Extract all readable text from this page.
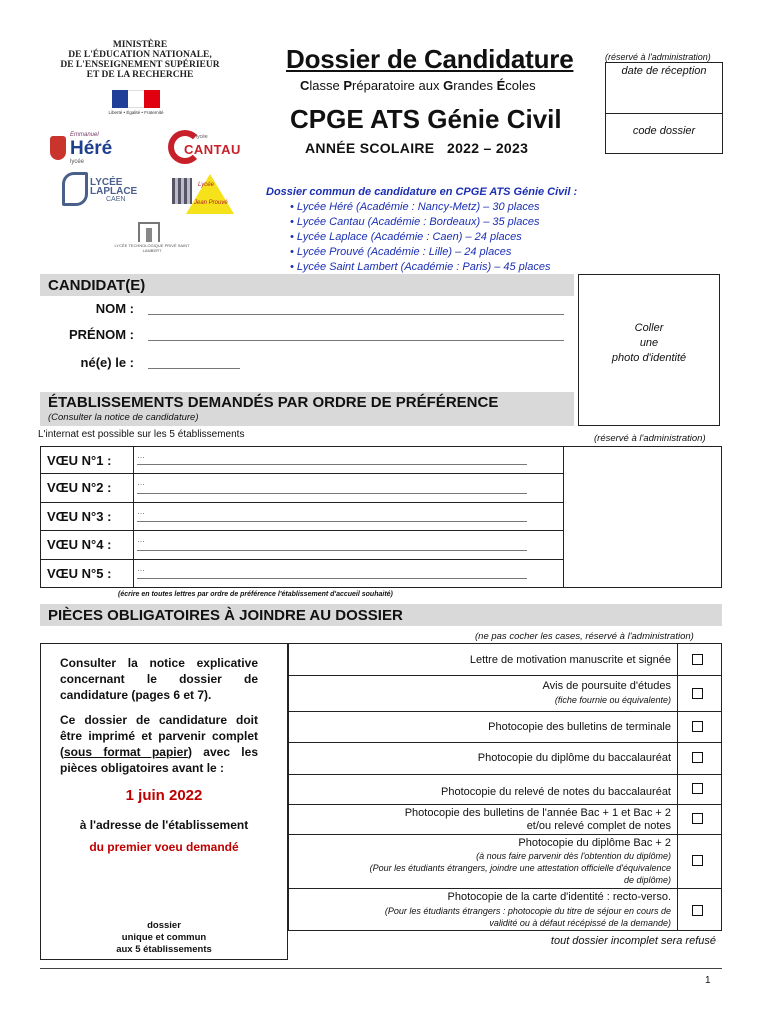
MINISTÈRE
DE L'ÉDUCATION NATIONALE,
DE L'ENSEIGNEMENT SUPÉRIEUR
ET DE LA RECHERCHE
Liberté • Égalité • Fraternité
Emmanuel
Héré
lycée
lycée
CANTAU
LYCÉE LAPLACE
CAEN
Lycée
Jean Prouvé
LYCÉE TECHNOLOGIQUE PRIVÉ SAINT LAMBERT
Dossier de Candidature
Classe Préparatoire aux Grandes Écoles
CPGE ATS Génie Civil
ANNÉE SCOLAIRE   2022 – 2023
(réservé à l'administration)
date de réception
code dossier
Dossier commun de candidature en CPGE ATS Génie Civil :
• Lycée Héré (Académie : Nancy-Metz) – 30 places
• Lycée Cantau (Académie : Bordeaux) – 35 places
• Lycée Laplace (Académie : Caen) – 24 places
• Lycée Prouvé (Académie : Lille) – 24 places
• Lycée Saint Lambert (Académie : Paris) – 45 places
CANDIDAT(E)
NOM :
PRÉNOM :
né(e) le :
Coller
une
photo d'identité
ÉTABLISSEMENTS DEMANDÉS PAR ORDRE DE PRÉFÉRENCE
(Consulter la notice de candidature)
L'internat est possible sur les 5 établissements	(réservé à l'administration)
VŒU N°1 :	…
VŒU N°2 :	…
VŒU N°3 :	…
VŒU N°4 :	…
VŒU N°5 :	…
(écrire en toutes lettres par ordre de préférence l'établissement d'accueil souhaité)
PIÈCES OBLIGATOIRES À JOINDRE AU DOSSIER
(ne pas cocher les cases, réservé à l'administration)
Consulter la notice explicative concernant le dossier de candidature (pages 6 et 7).
Ce dossier de candidature doit être imprimé et parvenir complet (sous format papier) avec les pièces obligatoires avant le :
1 juin 2022
à l'adresse de l'établissement
du premier voeu demandé
dossier
unique et commun
aux 5 établissements
Lettre de motivation manuscrite et signée
Avis de poursuite d'études
(fiche fournie ou équivalente)
Photocopie des bulletins de terminale
Photocopie du diplôme du baccalauréat
Photocopie du relevé de notes du baccalauréat
Photocopie des bulletins de l'année Bac + 1 et Bac + 2
et/ou relevé complet de notes
Photocopie du diplôme Bac + 2
(à nous faire parvenir dès l'obtention du diplôme)
(Pour les étudiants étrangers, joindre une attestation officielle d'équivalence
de diplôme)
Photocopie de la carte d'identité : recto-verso.
(Pour les étudiants étrangers : photocopie du titre de séjour en cours de
validité ou à défaut récépissé de la demande)
tout dossier incomplet sera refusé
1
